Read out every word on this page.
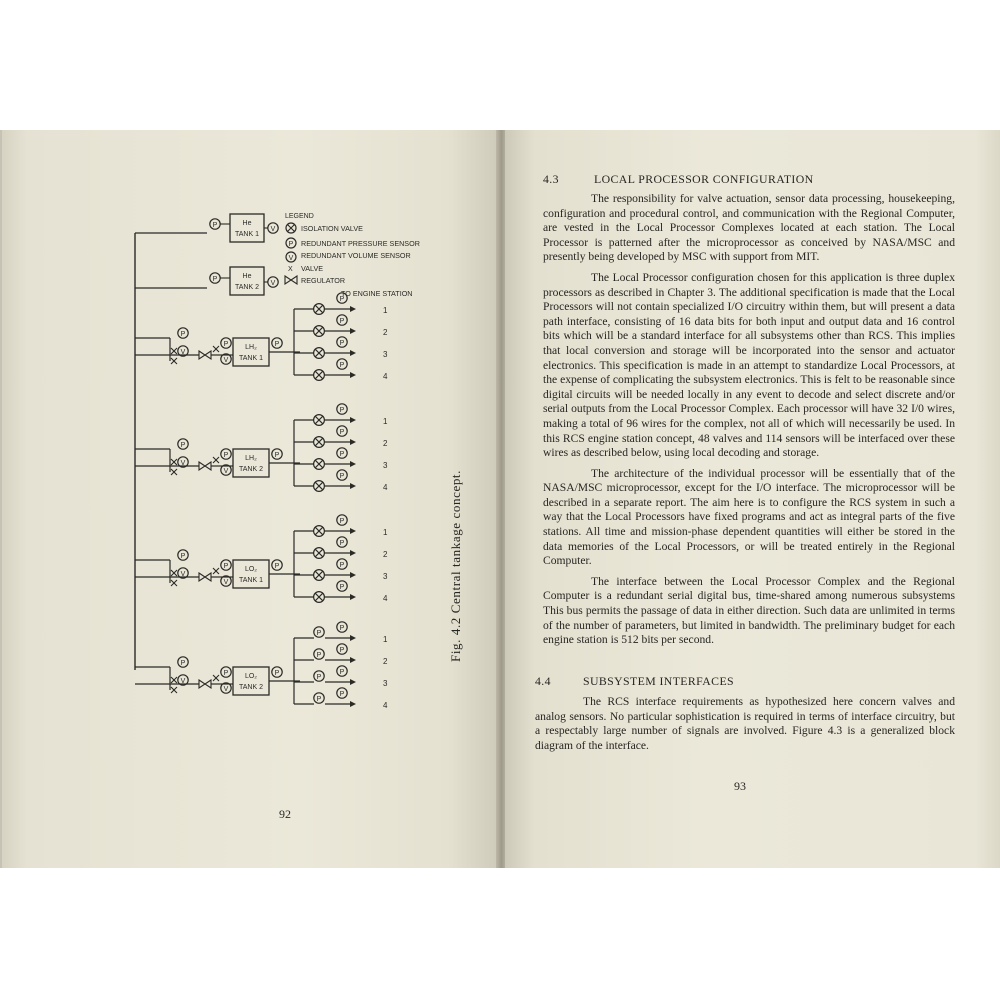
P	He
TANK 1
V
P	He
TANK 2
V
LEGEND
ISOLATION VALVE
P REDUNDANT PRESSURE SENSOR
V REDUNDANT VOLUME SENSOR
X VALVE
REGULATOR
TO ENGINE STATION
P
V
LH₂
TANK 1
P
V
P
P
1
P
2
P
3
P
4
P
V
LH₂
TANK 2
P
V
P
P
1
P
2
P
3
P
4
P
V
LO₂
TANK 1
P
V
P
P
1
P
2
P
3
P
4
P
V
LO₂
TANK 2
P
V
P
P
P
1
P
P
2
P
P
3
P
P
4
Fig. 4.2 Central tankage concept.
92
4.3	LOCAL PROCESSOR CONFIGURATION

The responsibility for valve actuation, sensor data processing, housekeeping, configuration and procedural control, and communication with the Regional Computer, are vested in the Local Processor Complexes located at each station. The Local Processor is patterned after the microprocessor as conceived by NASA/MSC and presently being developed by MSC with support from MIT.

The Local Processor configuration chosen for this application is three duplex processors as described in Chapter 3. The additional specification is made that the Local Processors will not contain specialized I/O circuitry within them, but will present a data path interface, consisting of 16 data bits for both input and output data and 16 control bits which will be a standard interface for all subsystems other than RCS. This implies that local conversion and storage will be incorporated into the sensor and actuator electronics. This specification is made in an attempt to standardize Local Processors, at the expense of complicating the subsystem electronics. This is felt to be reasonable since digital circuits will be needed locally in any event to decode and select discrete and/or serial outputs from the Local Processor Complex. Each processor will have 32 I/0 wires, making a total of 96 wires for the complex, not all of which will necessarily be used. In this RCS engine station concept, 48 valves and 114 sensors will be interfaced over these wires as described below, using local decoding and storage.

The architecture of the individual processor will be essentially that of the NASA/MSC microprocessor, except for the I/O interface. The microprocessor will be described in a separate report. The aim here is to configure the RCS system in such a way that the Local Processors have fixed programs and act as integral parts of the five stations. All time and mission-phase dependent quantities will either be stored in the data memories of the Local Processors, or will be treated entirely in the Regional Computer.

The interface between the Local Processor Complex and the Regional Computer is a redundant serial digital bus, time-shared among numerous subsystems This bus permits the passage of data in either direction. Such data are unlimited in terms of the number of parameters, but limited in bandwidth. The preliminary budget for each engine station is 512 bits per second.

4.4	SUBSYSTEM INTERFACES

The RCS interface requirements as hypothesized here concern valves and analog sensors. No particular sophistication is required in terms of interface circuitry, but a respectably large number of signals are involved. Figure 4.3 is a generalized block diagram of the interface.

93
